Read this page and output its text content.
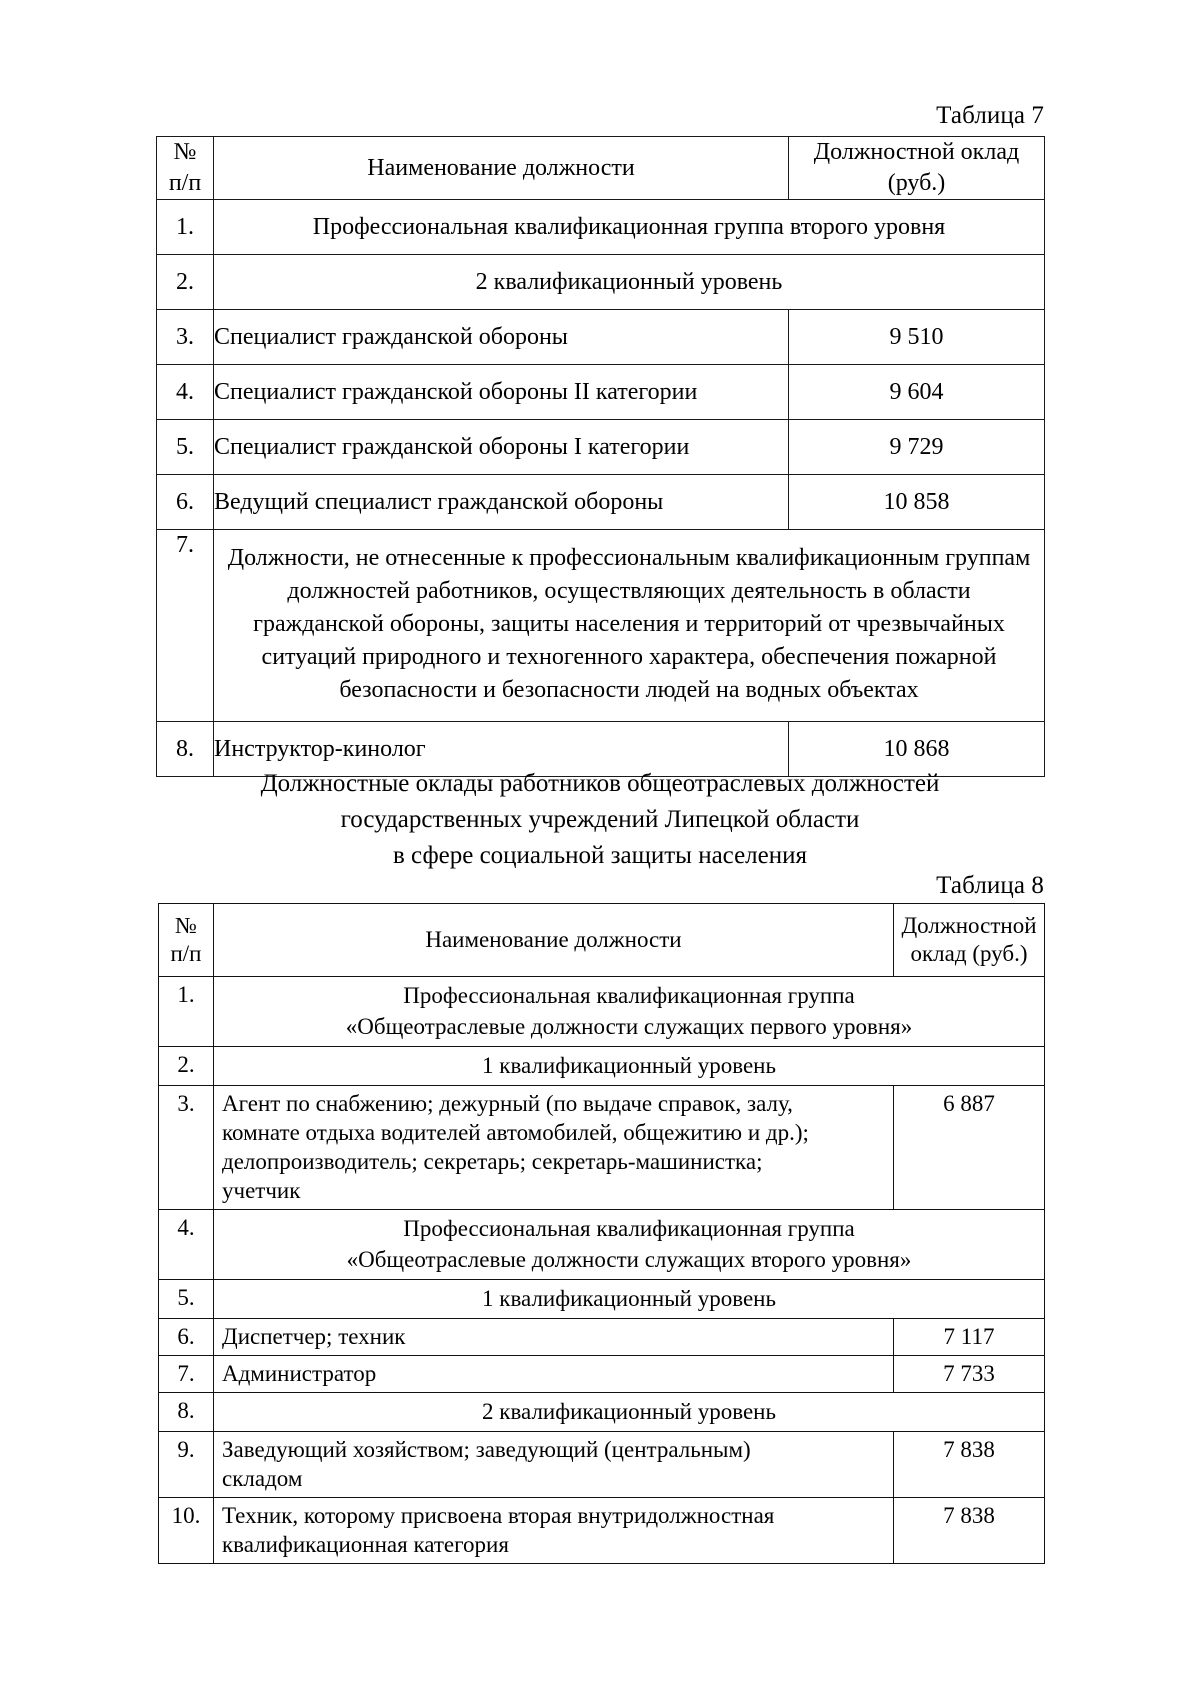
Таблица 7
№
п/п	Наименование должности	Должностной оклад (руб.)
1.	Профессиональная квалификационная группа второго уровня	
2.	2 квалификационный уровень	
3.	Специалист гражданской обороны	9 510
4.	Специалист гражданской обороны II категории	9 604
5.	Специалист гражданской обороны I категории	9 729
6.	Ведущий специалист гражданской обороны	10 858
7.	Должности, не отнесенные к профессиональным квалификационным группам должностей работников, осуществляющих деятельность в области гражданской обороны, защиты населения и территорий от чрезвычайных ситуаций природного и техногенного характера, обеспечения пожарной безопасности и безопасности людей на водных объектах	
8.	Инструктор-кинолог	10 868
Должностные оклады работников общеотраслевых должностей
государственных учреждений Липецкой области
в сфере социальной защиты населения
Таблица 8
№
п/п	Наименование должности	Должностной
оклад (руб.)

1.	Профессиональная квалификационная группа
«Общеотраслевые должности служащих первого уровня»	

2.	1 квалификационный уровень	
3.	Агент по снабжению; дежурный (по выдаче справок, залу,
комнате отдыха водителей автомобилей, общежитию и др.);
делопроизводитель; секретарь; секретарь-машинистка;
учетчик	6 887
4.	Профессиональная квалификационная группа
«Общеотраслевые должности служащих второго уровня»	

5.	1 квалификационный уровень	
6.	Диспетчер; техник	7 117
7.	Администратор	7 733
8.	2 квалификационный уровень	
9.	Заведующий хозяйством; заведующий (центральным)
складом	7 838
10.	Техник, которому присвоена вторая внутридолжностная
квалификационная категория	7 838
